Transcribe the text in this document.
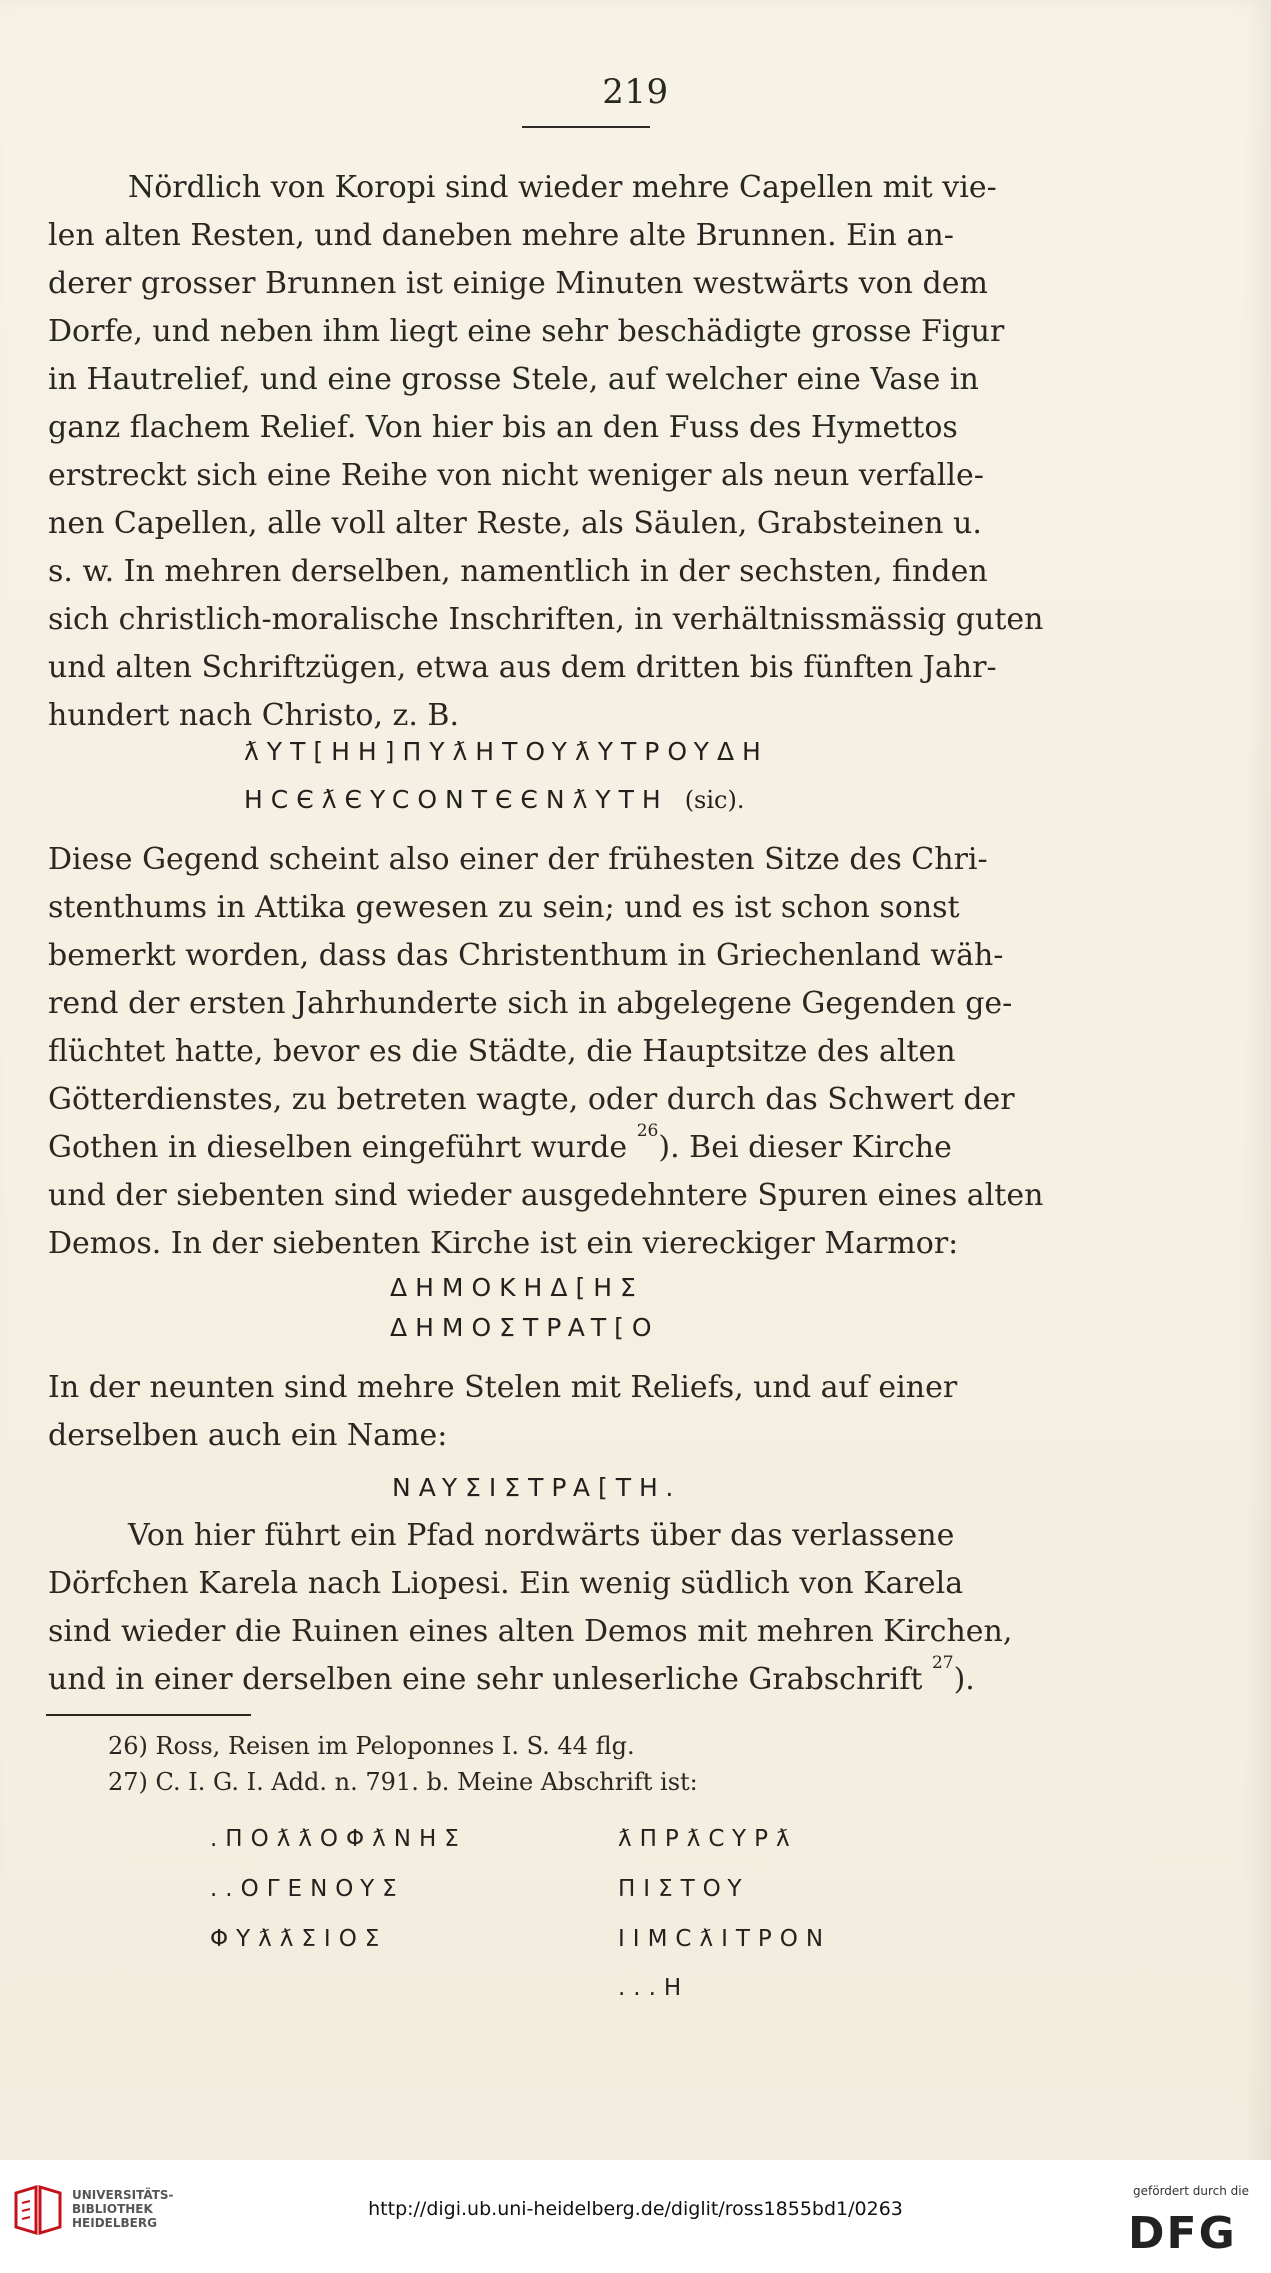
219
Nördlich von Koropi sind wieder mehre Capellen mit vie-
len alten Resten, und daneben mehre alte Brunnen. Ein an-
derer grosser Brunnen ist einige Minuten westwärts von dem
Dorfe, und neben ihm liegt eine sehr beschädigte grosse Figur
in Hautrelief, und eine grosse Stele, auf welcher eine Vase in
ganz flachem Relief. Von hier bis an den Fuss des Hymettos
erstreckt sich eine Reihe von nicht weniger als neun verfalle-
nen Capellen, alle voll alter Reste, als Säulen, Grabsteinen u.
s. w. In mehren derselben, namentlich in der sechsten, finden
sich christlich-moralische Inschriften, in verhältnissmässig guten
und alten Schriftzügen, etwa aus dem dritten bis fünften Jahr-
hundert nach Christo, z. B.
ƛYT[HH]ΠYƛHTOYƛYTPOYΔH
HCЄƛЄYCONTЄЄNƛYTH (sic).
Diese Gegend scheint also einer der frühesten Sitze des Chri-
stenthums in Attika gewesen zu sein; und es ist schon sonst
bemerkt worden, dass das Christenthum in Griechenland wäh-
rend der ersten Jahrhunderte sich in abgelegene Gegenden ge-
flüchtet hatte, bevor es die Städte, die Hauptsitze des alten
Götterdienstes, zu betreten wagte, oder durch das Schwert der
Gothen in dieselben eingeführt wurde $^{26}$). Bei dieser Kirche
und der siebenten sind wieder ausgedehntere Spuren eines alten
Demos. In der siebenten Kirche ist ein viereckiger Marmor:
ΔHMOKHΔ[HΣ
ΔHMOΣTPAT[O
In der neunten sind mehre Stelen mit Reliefs, und auf einer
derselben auch ein Name:
NAYΣIΣTPA[TH.
Von hier führt ein Pfad nordwärts über das verlassene
Dörfchen Karela nach Liopesi. Ein wenig südlich von Karela
sind wieder die Ruinen eines alten Demos mit mehren Kirchen,
und in einer derselben eine sehr unleserliche Grabschrift $^{27}$).
26) Ross, Reisen im Peloponnes I. S. 44 flg.
27) C. I. G. I. Add. n. 791. b. Meine Abschrift ist:
.ΠOƛƛOΦƛNHΣ
..OΓENOYΣ
ΦYƛƛΣIOΣ
ƛΠPƛCYPƛ
ΠIΣTOY
IIΜCƛITPON
...H
UNIVERSITÄTS-
BIBLIOTHEK
HEIDELBERG
http://digi.ub.uni-heidelberg.de/diglit/ross1855bd1/0263
gefördert durch die
DFG
